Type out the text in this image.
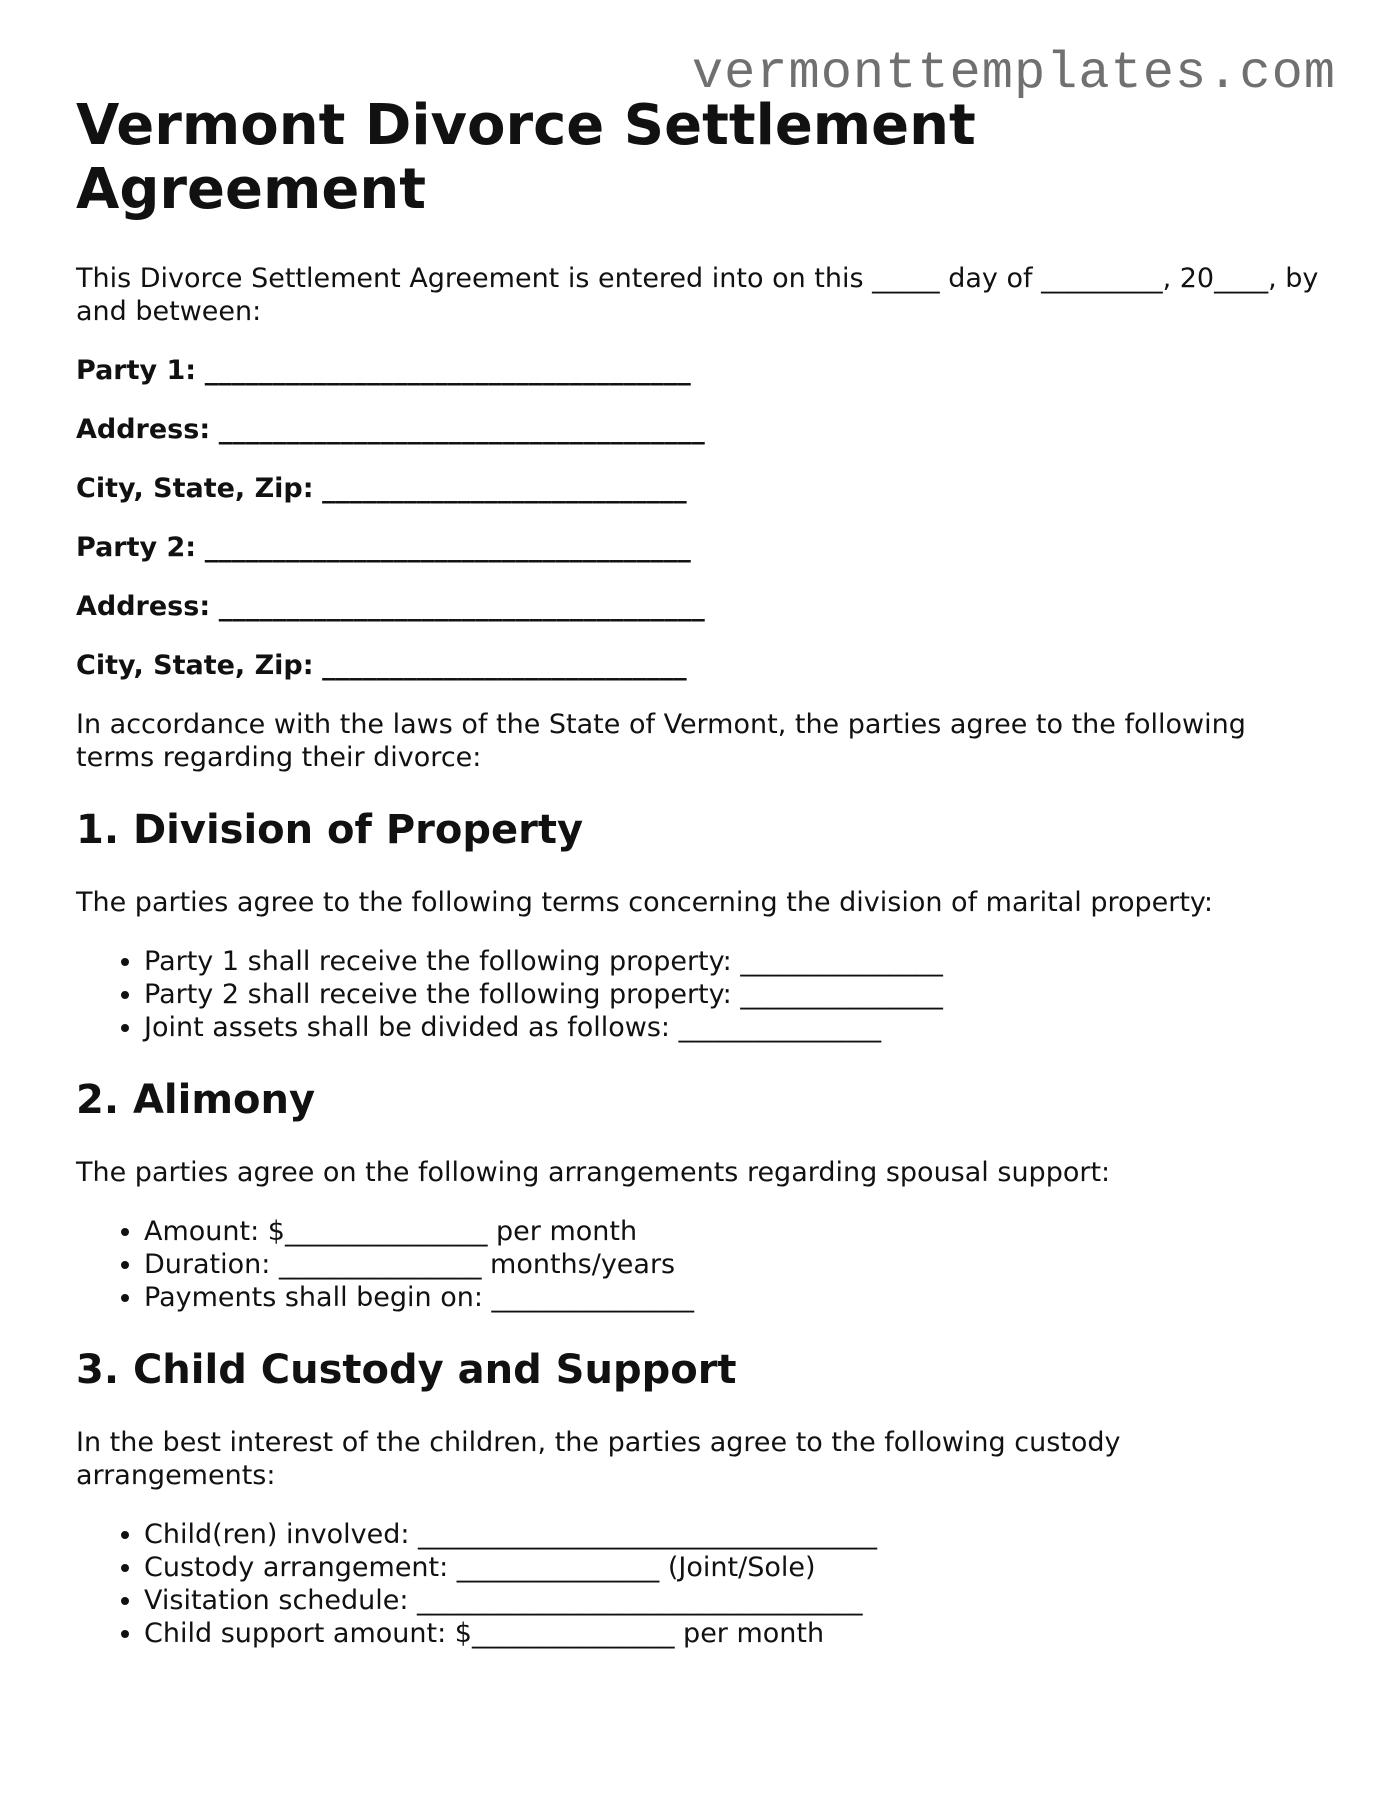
vermonttemplates.com
Vermont Divorce Settlement Agreement

This Divorce Settlement Agreement is entered into on this _____ day of _________, 20____, by and between:

Party 1: ____________________________________
Address: ____________________________________
City, State, Zip: ___________________________
Party 2: ____________________________________
Address: ____________________________________
City, State, Zip: ___________________________

In accordance with the laws of the State of Vermont, the parties agree to the following terms regarding their divorce:

1. Division of Property

The parties agree to the following terms concerning the division of marital property:

• Party 1 shall receive the following property: _______________
• Party 2 shall receive the following property: _______________
• Joint assets shall be divided as follows: _______________
2. Alimony

The parties agree on the following arrangements regarding spousal support:

• Amount: $_______________ per month
• Duration: _______________ months/years
• Payments shall begin on: _______________
3. Child Custody and Support

In the best interest of the children, the parties agree to the following custody arrangements:

• Child(ren) involved: __________________________________
• Custody arrangement: _______________ (Joint/Sole)
• Visitation schedule: _________________________________
• Child support amount: $_______________ per month
